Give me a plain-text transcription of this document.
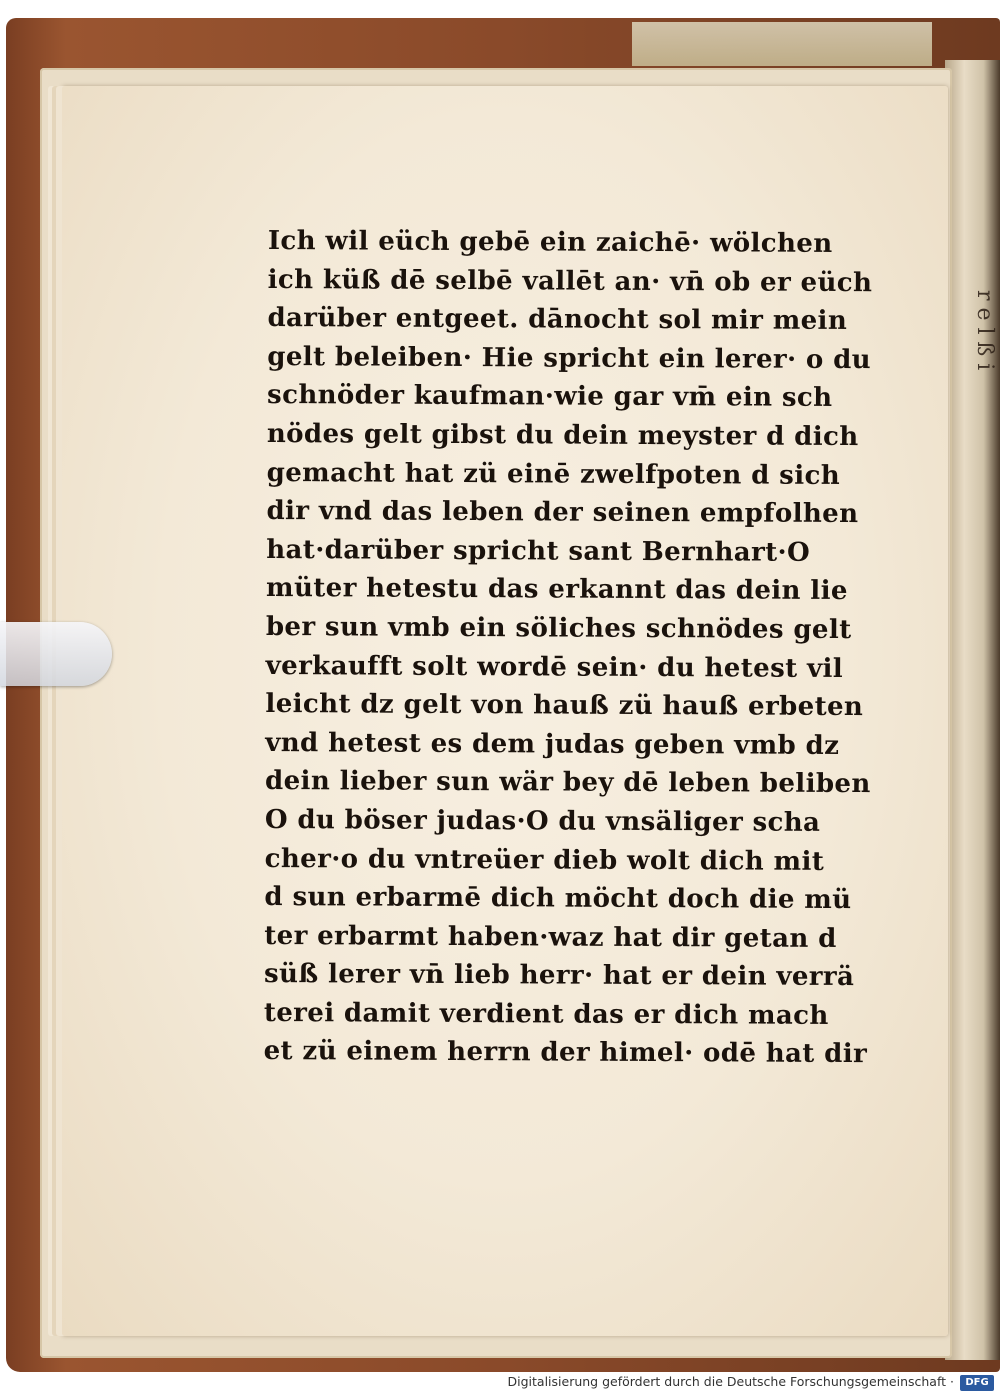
r e l ß i
Ich wil eüch gebē ein zaichē· wölchen
ich küß dē selbē vallēt an· vn̄ ob er eüch
darüber entgeet. dānocht sol mir mein
gelt beleiben· Hie spricht ein lerer· o du
schnöder kaufman·wie gar vm̄ ein sch
nödes gelt gibst du dein meyster d dich
gemacht hat zü einē zwelfpoten d sich
dir vnd das leben der seinen empfolhen
hat·darüber spricht sant Bernhart·O
müter hetestu das erkannt das dein lie
ber sun vmb ein söliches schnödes gelt
verkaufft solt wordē sein· du hetest vil
leicht dz gelt von hauß zü hauß erbeten
vnd hetest es dem judas geben vmb dz
dein lieber sun wär bey dē leben beliben
O du böser judas·O du vnsäliger scha
cher·o du vntreüer dieb wolt dich mit
d sun erbarmē dich möcht doch die mü
ter erbarmt haben·waz hat dir getan d
süß lerer vn̄ lieb herr· hat er dein verrä
terei damit verdient das er dich mach
et zü einem herrn der himel· odē hat dir
Digitalisierung gefördert durch die Deutsche Forschungsgemeinschaft ·	DFG
